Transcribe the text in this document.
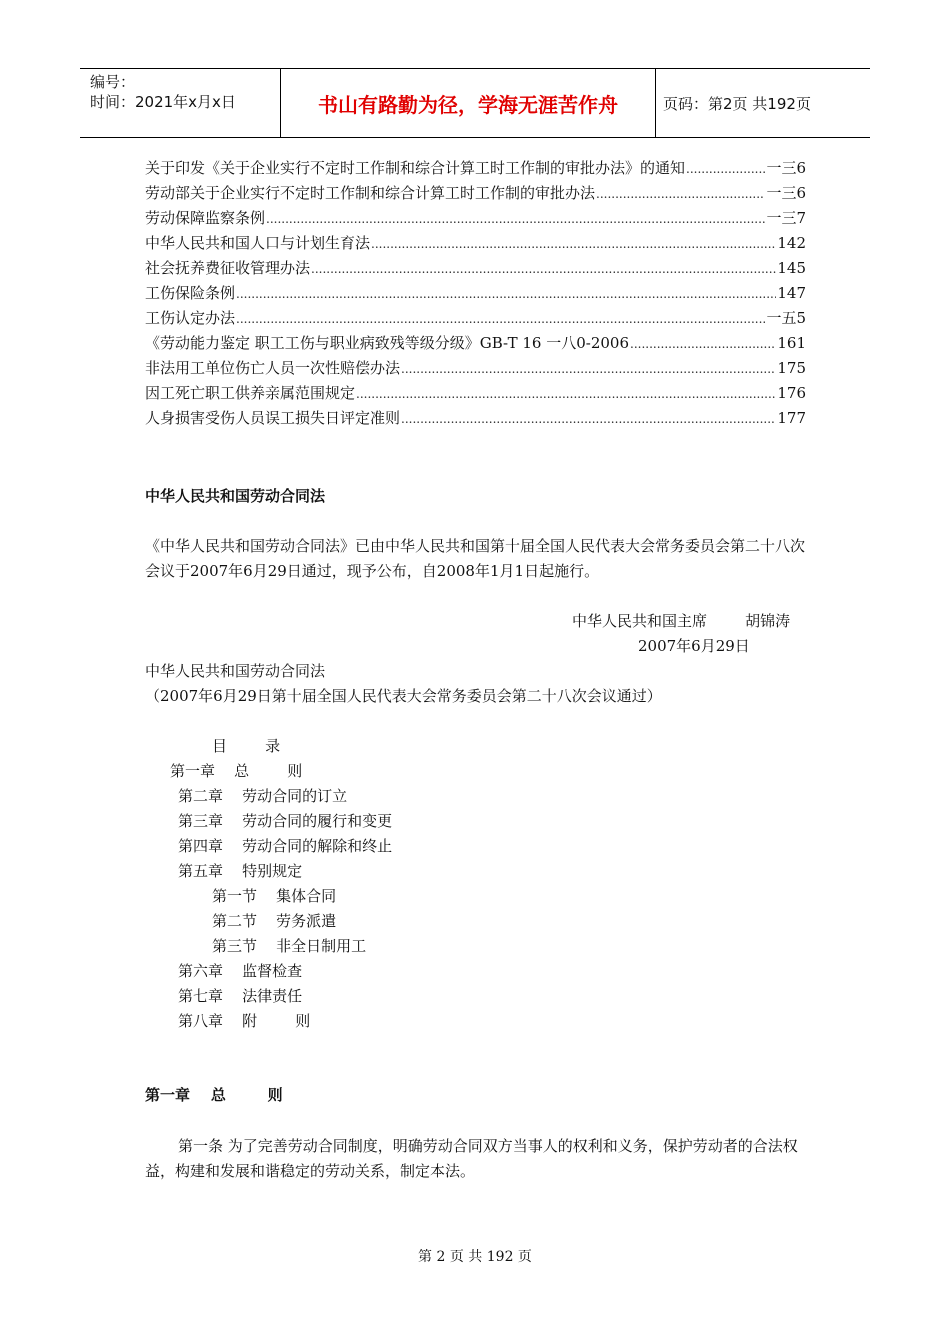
编号：
时间：2021年x月x日	书山有路勤为径，学海无涯苦作舟	页码：第2页 共192页
关于印发《关于企业实行不定时工作制和综合计算工时工作制的审批办法》的通知 .....	一三6
劳动部关于企业实行不定时工作制和综合计算工时工作制的审批办法 .....	一三6
劳动保障监察条例 .....	一三7
中华人民共和国人口与计划生育法 .....	142
社会抚养费征收管理办法 .....	145
工伤保险条例 .....	147
工伤认定办法 .....	一五5
《劳动能力鉴定 职工工伤与职业病致残等级分级》GB-T 16 一八0-2006 .....	161
非法用工单位伤亡人员一次性赔偿办法 .....	175
因工死亡职工供养亲属范围规定 .....	176
人身损害受伤人员误工损失日评定准则 .....	177
中华人民共和国劳动合同法
《中华人民共和国劳动合同法》已由中华人民共和国第十届全国人民代表大会常务委员会第二十八次会议于2007年6月29日通过，现予公布，自2008年1月1日起施行。
中华人民共和国主席        胡锦涛
2007年6月29日
中华人民共和国劳动合同法
（2007年6月29日第十届全国人民代表大会常务委员会第二十八次会议通过）
目        录
第一章    总        则
第二章    劳动合同的订立
第三章    劳动合同的履行和变更
第四章    劳动合同的解除和终止
第五章    特别规定
第一节    集体合同
第二节    劳务派遣
第三节    非全日制用工
第六章    监督检查
第七章    法律责任
第八章    附        则
第一章    总        则
第一条 为了完善劳动合同制度，明确劳动合同双方当事人的权利和义务，保护劳动者的合法权益，构建和发展和谐稳定的劳动关系，制定本法。
第 2 页 共 192 页
